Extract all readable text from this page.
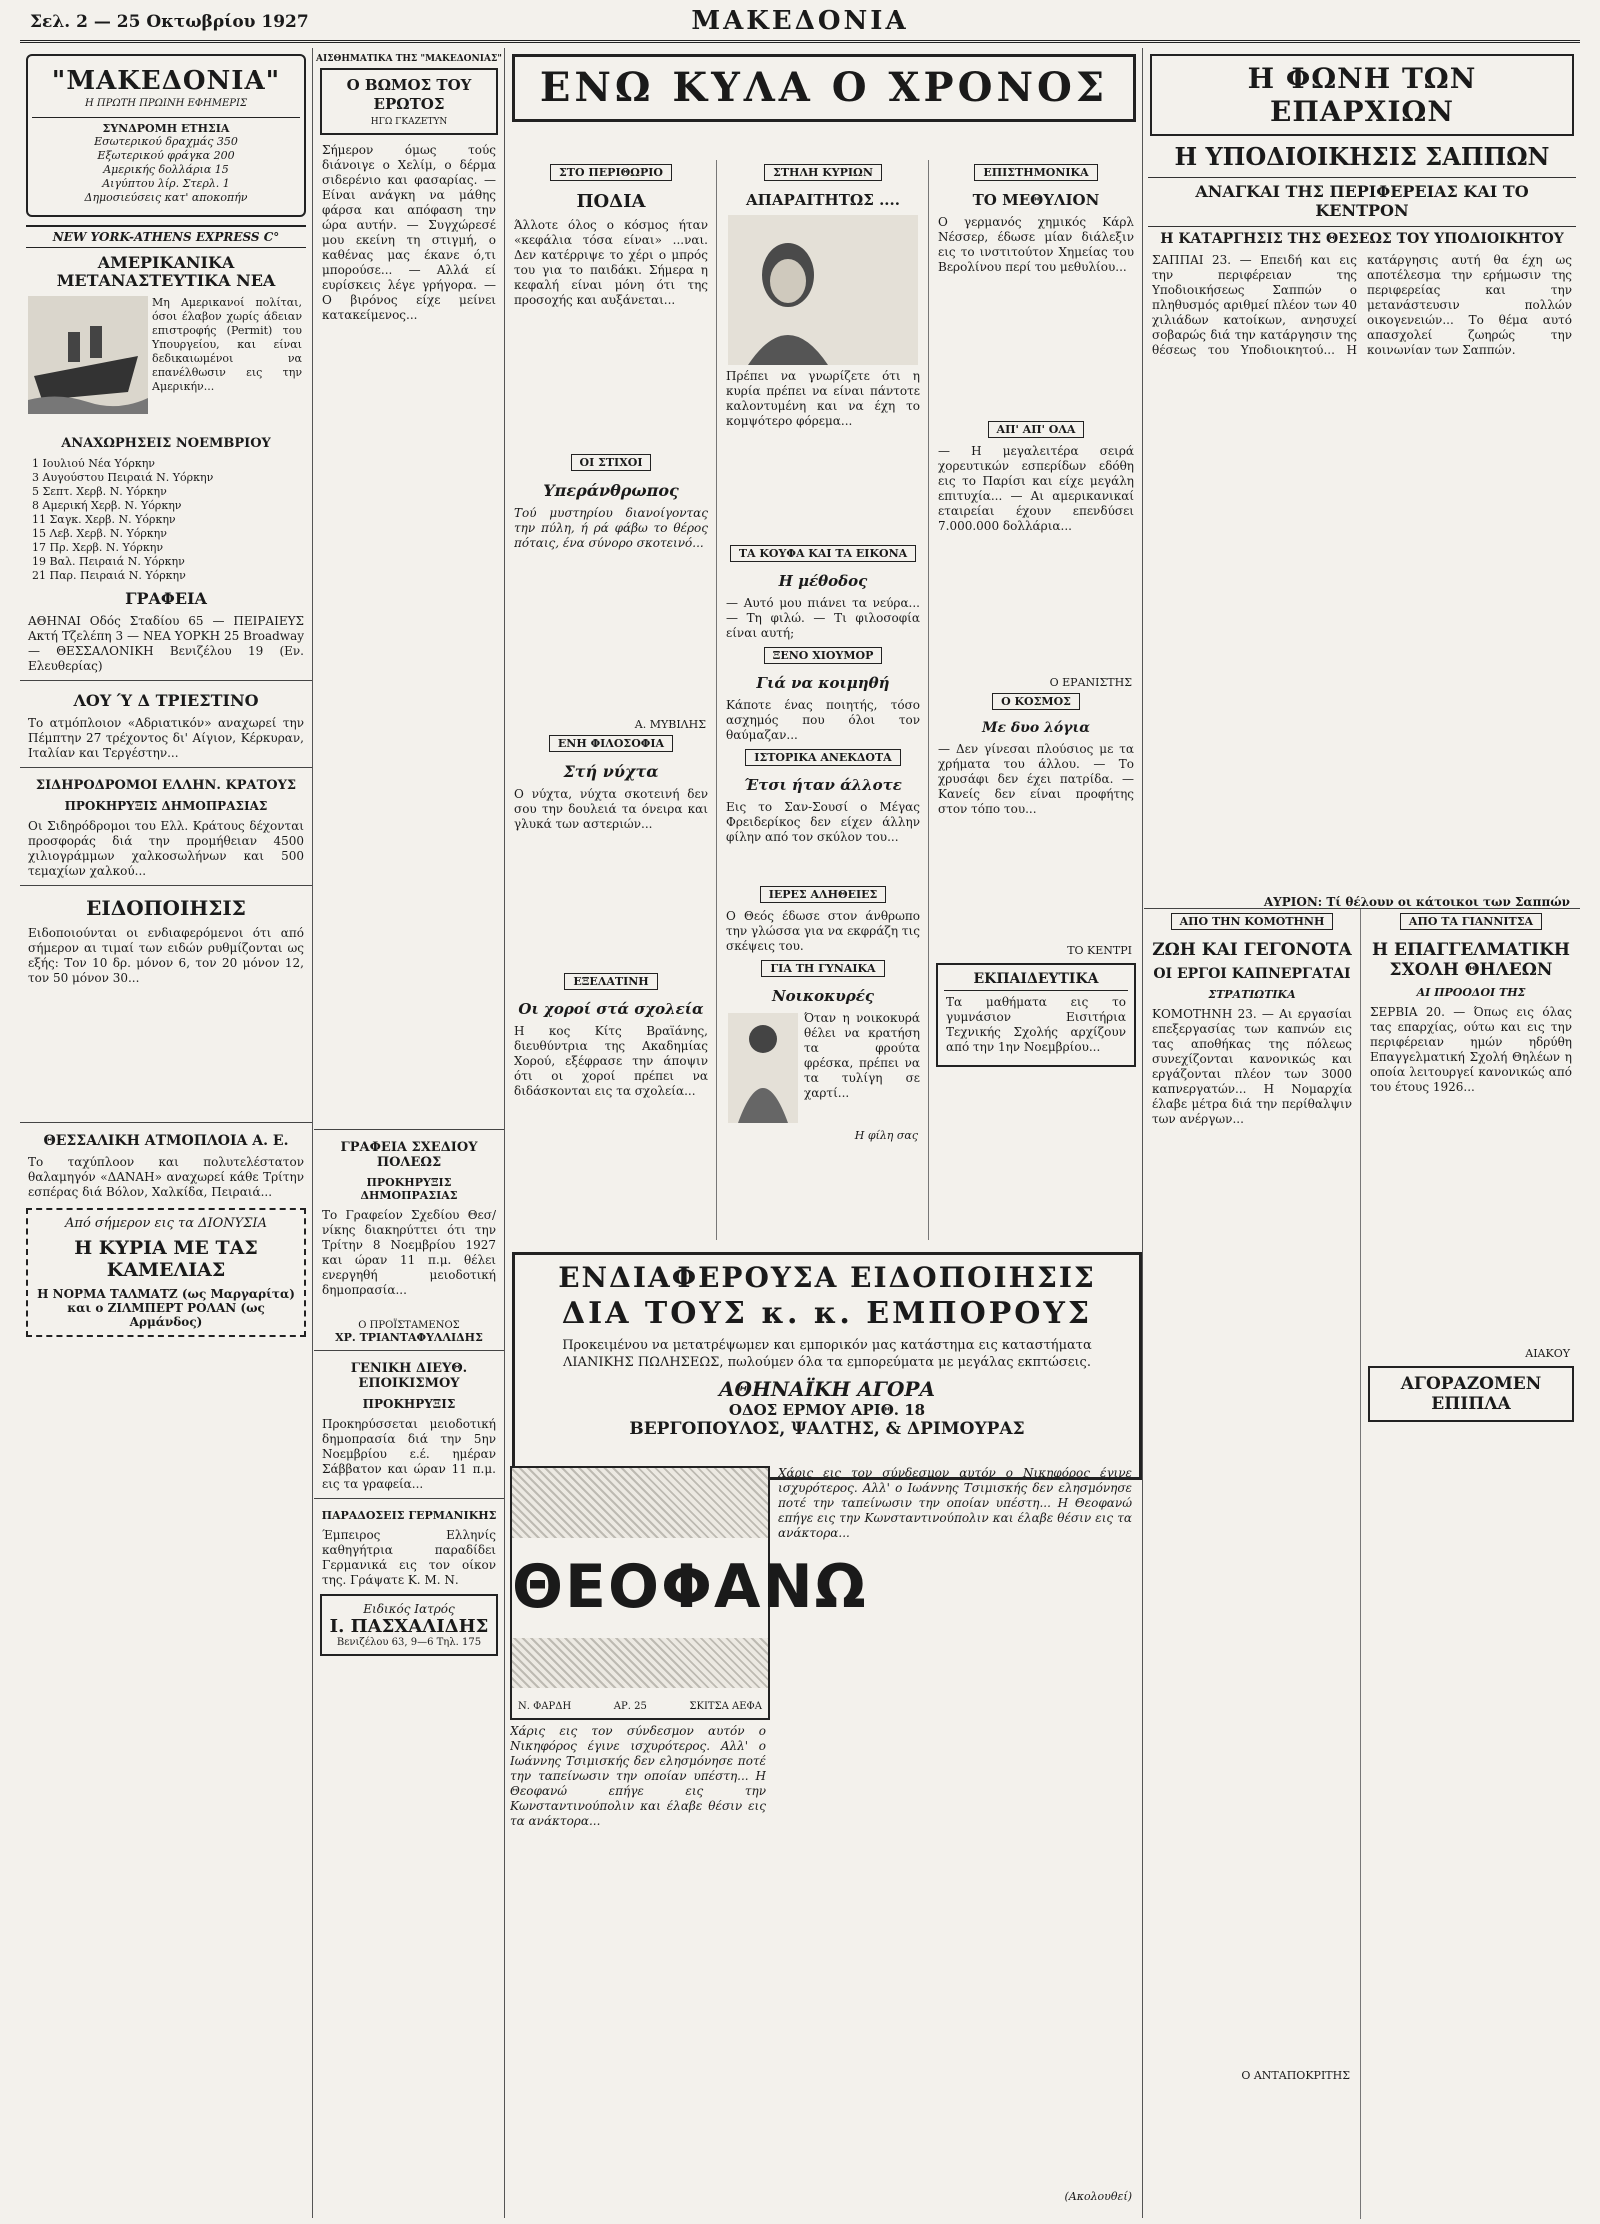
Σελ. 2 — 25 Οκτωβρίου 1927	ΜΑΚΕΔΟΝΙΑ
"ΜΑΚΕΔΟΝΙΑ"
Η ΠΡΩΤΗ ΠΡΩΙΝΗ ΕΦΗΜΕΡΙΣ
ΣΥΝΔΡΟΜΗ ΕΤΗΣΙΑ
Εσωτερικού δραχμάς 350
Εξωτερικού φράγκα 200
Αμερικής δολλάρια 15
Αιγύπτου λίρ. Στερλ. 1
Δημοσιεύσεις κατ' αποκοπήν
NEW YORK-ATHENS EXPRESS C°
ΑΜΕΡΙΚΑΝΙΚΑ ΜΕΤΑΝΑΣΤΕΥΤΙΚΑ ΝΕΑ
Μη Αμερικανοί πολίται, όσοι έλαβον χωρίς άδειαν επιστροφής (Permit) του Υπουργείου, και είναι δεδικαιωμένοι να επανέλθωσιν εις την Αμερικήν...
ΑΝΑΧΩΡΗΣΕΙΣ ΝΟΕΜΒΡΙΟΥ
1 Ιουλιού Νέα Υόρκην
3 Αυγούστου Πειραιά Ν. Υόρκην
5 Σεπτ. Χερβ. Ν. Υόρκην
8 Αμερική Χερβ. Ν. Υόρκην
11 Σαγκ. Χερβ. Ν. Υόρκην
15 Λεβ. Χερβ. Ν. Υόρκην
17 Πρ. Χερβ. Ν. Υόρκην
19 Βαλ. Πειραιά Ν. Υόρκην
21 Παρ. Πειραιά Ν. Υόρκην
ΓΡΑΦΕΙΑ
ΑΘΗΝΑΙ Οδός Σταδίου 65 — ΠΕΙΡΑΙΕΥΣ Ακτή Τζελέπη 3 — ΝΕΑ ΥΟΡΚΗ 25 Broadway — ΘΕΣΣΑΛΟΝΙΚΗ Βενιζέλου 19 (Εν. Ελευθερίας)
ΛΟΥ Ύ Δ ΤΡΙΕΣΤΙΝΟ
Το ατμόπλοιον «Αδριατικόν» αναχωρεί την Πέμπτην 27 τρέχοντος δι' Αίγιον, Κέρκυραν, Ιταλίαν και Τεργέστην...
ΣΙΔΗΡΟΔΡΟΜΟΙ ΕΛΛΗΝ. ΚΡΑΤΟΥΣ
ΠΡΟΚΗΡΥΞΙΣ ΔΗΜΟΠΡΑΣΙΑΣ
Οι Σιδηρόδρομοι του Ελλ. Κράτους δέχονται προσφοράς διά την προμήθειαν 4500 χιλιογράμμων χαλκοσωλήνων και 500 τεμαχίων χαλκού...
ΕΙΔΟΠΟΙΗΣΙΣ
Ειδοποιούνται οι ενδιαφερόμενοι ότι από σήμερον αι τιμαί των ειδών ρυθμίζονται ως εξής: Τον 10 δρ. μόνον 6, τον 20 μόνον 12, τον 50 μόνον 30...
ΘΕΣΣΑΛΙΚΗ ΑΤΜΟΠΛΟΙΑ Α. Ε.
Το ταχύπλοον και πολυτελέστατον θαλαμηγόν «ΔΑΝΑΗ» αναχωρεί κάθε Τρίτην εσπέρας διά Βόλον, Χαλκίδα, Πειραιά...
Από σήμερον εις τα ΔΙΟΝΥΣΙΑ
Η ΚΥΡΙΑ ΜΕ ΤΑΣ ΚΑΜΕΛΙΑΣ
Η ΝΟΡΜΑ ΤΑΛΜΑΤΖ (ως Μαργαρίτα)
και ο ΖΙΛΜΠΕΡΤ ΡΟΛΑΝ (ως Αρμάνδος)
ΑΙΣΘΗΜΑΤΙΚΑ ΤΗΣ "ΜΑΚΕΔΟΝΙΑΣ"
Ο ΒΩΜΟΣ ΤΟΥ ΕΡΩΤΟΣ
ΗΓΩ ΓΚΑΖΕΤΥΝ
Σήμερον όμως τούς διάνοιγε ο Χελίμ, ο δέρμα σιδερένιο και φασαρίας. — Είναι ανάγκη να μάθης φάρσα και απόφαση την ώρα αυτήν. — Συγχώρεσέ μου εκείνη τη στιγμή, ο καθένας μας έκανε ό,τι μπορούσε... — Αλλά εί ευρίσκεις λέγε γρήγορα. — Ο βιρόνος είχε μείνει κατακείμενος...
ΓΡΑΦΕΙΑ ΣΧΕΔΙΟΥ ΠΟΛΕΩΣ
ΠΡΟΚΗΡΥΞΙΣ ΔΗΜΟΠΡΑΣΙΑΣ
Το Γραφείον Σχεδίου Θεσ/νίκης διακηρύττει ότι την Τρίτην 8 Νοεμβρίου 1927 και ώραν 11 π.μ. θέλει ενεργηθή μειοδοτική δημοπρασία...
Ο ΠΡΟΪΣΤΑΜΕΝΟΣ
ΧΡ. ΤΡΙΑΝΤΑΦΥΛΛΙΔΗΣ
ΓΕΝΙΚΗ ΔΙΕΥΘ. ΕΠΟΙΚΙΣΜΟΥ
ΠΡΟΚΗΡΥΞΙΣ
Προκηρύσσεται μειοδοτική δημοπρασία διά την 5ην Νοεμβρίου ε.έ. ημέραν Σάββατον και ώραν 11 π.μ. εις τα γραφεία...
ΠΑΡΑΔΟΣΕΙΣ ΓΕΡΜΑΝΙΚΗΣ
Έμπειρος Ελληνίς καθηγήτρια παραδίδει Γερμανικά εις τον οίκον της. Γράψατε Κ. Μ. Ν.
Ειδικός Ιατρός
Ι. ΠΑΣΧΑΛΙΔΗΣ
Βενιζέλου 63, 9—6 Τηλ. 175
ΕΝΩ ΚΥΛΑ Ο ΧΡΟΝΟΣ
ΣΤΟ ΠΕΡΙΘΩΡΙΟ
ΠΟΔΙΑ
Άλλοτε όλος ο κόσμος ήταν «κεφάλια τόσα είναι» ...ναι. Δεν κατέρριψε το χέρι ο μπρός του για το παιδάκι. Σήμερα η κεφαλή είναι μόνη ότι της προσοχής και αυξάνεται...
ΟΙ ΣΤΙΧΟΙ
Υπεράνθρωπος
Τού μυστηρίου διανοίγοντας την πύλη, ή ρά φάβω το θέρος πόταις, ένα σύνορο σκοτεινό...
Α. ΜΥΒΙΛΗΣ
ΕΝΗ ΦΙΛΟΣΟΦΙΑ
Στή νύχτα
Ο νύχτα, νύχτα σκοτεινή δεν σου την δουλειά τα όνειρα και γλυκά των αστεριών...
ΕΞΕΛΑΤΙΝΗ
Οι χοροί στά σχολεία
Η κος Κίτς Βραϊάνης, διευθύντρια της Ακαδημίας Χορού, εξέφρασε την άποψιν ότι οι χοροί πρέπει να διδάσκονται εις τα σχολεία...
ΣΤΗΛΗ ΚΥΡΙΩΝ
ΑΠΑΡΑΙΤΗΤΩΣ ....
Πρέπει να γνωρίζετε ότι η κυρία πρέπει να είναι πάντοτε καλοντυμένη και να έχη το κομψότερο φόρεμα...
ΤΑ ΚΟΥΦΑ ΚΑΙ ΤΑ ΕΙΚΟΝΑ
Η μέθοδος
— Αυτό μου πιάνει τα νεύρα... — Τη φιλώ. — Τι φιλοσοφία είναι αυτή;
ΞΕΝΟ ΧΙΟΥΜΟΡ
Γιά να κοιμηθή
Κάποτε ένας ποιητής, τόσο ασχημός που όλοι τον θαύμαζαν...
ΙΣΤΟΡΙΚΑ ΑΝΕΚΔΟΤΑ
Έτσι ήταν άλλοτε
Εις το Σαν-Σουσί ο Μέγας Φρειδερίκος δεν είχεν άλλην φίλην από τον σκύλον του...
ΙΕΡΕΣ ΑΛΗΘΕΙΕΣ
Ο Θεός έδωσε στον άνθρωπο την γλώσσα για να εκφράζη τις σκέψεις του.
ΓΙΑ ΤΗ ΓΥΝΑΙΚΑ
Νοικοκυρές
Όταν η νοικοκυρά θέλει να κρατήση τα φρούτα φρέσκα, πρέπει να τα τυλίγη σε χαρτί...
Η φίλη σας
ΕΠΙΣΤΗΜΟΝΙΚΑ
ΤΟ ΜΕΘΥΛΙΟΝ
Ο γερμανός χημικός Κάρλ Νέσσερ, έδωσε μίαν διάλεξιν εις το ινστιτούτον Χημείας του Βερολίνου περί του μεθυλίου...
ΑΠ' ΑΠ' ΟΛΑ
— Η μεγαλειτέρα σειρά χορευτικών εσπερίδων εδόθη εις το Παρίσι και είχε μεγάλη επιτυχία... — Αι αμερικανικαί εταιρείαι έχουν επενδύσει 7.000.000 δολλάρια...
Ο ΕΡΑΝΙΣΤΗΣ
Ο ΚΟΣΜΟΣ
Με δυο λόγια
— Δεν γίνεσαι πλούσιος με τα χρήματα του άλλου. — Το χρυσάφι δεν έχει πατρίδα. — Κανείς δεν είναι προφήτης στον τόπο του...
ΤΟ ΚΕΝΤΡΙ
ΕΚΠΑΙΔΕΥΤΙΚΑ
Τα μαθήματα εις το γυμνάσιον Εισιτήρια Τεχνικής Σχολής αρχίζουν από την 1ην Νοεμβρίου...
ΕΝΔΙΑΦΕΡΟΥΣΑ ΕΙΔΟΠΟΙΗΣΙΣ
ΔΙΑ ΤΟΥΣ κ. κ. ΕΜΠΟΡΟΥΣ
Προκειμένου να μετατρέψωμεν και εμπορικόν μας κατάστημα εις καταστήματα ΛΙΑΝΙΚΗΣ ΠΩΛΗΣΕΩΣ, πωλούμεν όλα τα εμπορεύματα με μεγάλας εκπτώσεις.
ΑΘΗΝΑΪΚΗ ΑΓΟΡΑ
ΟΔΟΣ ΕΡΜΟΥ ΑΡΙΘ. 18
ΒΕΡΓΟΠΟΥΛΟΣ, ΨΑΛΤΗΣ, & ΔΡΙΜΟΥΡΑΣ
ΘΕΟΦΑΝΩ
Ν. ΦΑΡΔΗ	ΑΡ. 25	ΣΚΙΤΣΑ ΑΕΦΑ
Χάρις εις τον σύνδεσμον αυτόν ο Νικηφόρος έγινε ισχυρότερος. Αλλ' ο Ιωάννης Τσιμισκής δεν ελησμόνησε ποτέ την ταπείνωσιν την οποίαν υπέστη... Η Θεοφανώ επήγε εις την Κωνσταντινούπολιν και έλαβε θέσιν εις τα ανάκτορα...
Χάρις εις τον σύνδεσμον αυτόν ο Νικηφόρος έγινε ισχυρότερος. Αλλ' ο Ιωάννης Τσιμισκής δεν ελησμόνησε ποτέ την ταπείνωσιν την οποίαν υπέστη... Η Θεοφανώ επήγε εις την Κωνσταντινούπολιν και έλαβε θέσιν εις τα ανάκτορα...
(Ακολουθεί)
Η ΦΩΝΗ ΤΩΝ ΕΠΑΡΧΙΩΝ
Η ΥΠΟΔΙΟΙΚΗΣΙΣ ΣΑΠΠΩΝ
ΑΝΑΓΚΑΙ ΤΗΣ ΠΕΡΙΦΕΡΕΙΑΣ ΚΑΙ ΤΟ ΚΕΝΤΡΟΝ
Η ΚΑΤΑΡΓΗΣΙΣ ΤΗΣ ΘΕΣΕΩΣ ΤΟΥ ΥΠΟΔΙΟΙΚΗΤΟΥ
ΣΑΠΠΑΙ 23. — Επειδή και εις την περιφέρειαν της Υποδιοικήσεως Σαππών ο πληθυσμός αριθμεί πλέον των 40 χιλιάδων κατοίκων, ανησυχεί σοβαρώς διά την κατάργησιν της θέσεως του Υποδιοικητού... Η κατάργησις αυτή θα έχη ως αποτέλεσμα την ερήμωσιν της περιφερείας και την μετανάστευσιν πολλών οικογενειών... Το θέμα αυτό απασχολεί ζωηρώς την κοινωνίαν των Σαππών.
ΑΥΡΙΟΝ: Τί θέλουν οι κάτοικοι των Σαππών
ΑΠΟ ΤΗΝ ΚΟΜΟΤΗΝΗ
ΖΩΗ ΚΑΙ ΓΕΓΟΝΟΤΑ
ΟΙ ΕΡΓΟΙ ΚΑΠΝΕΡΓΑΤΑΙ
ΣΤΡΑΤΙΩΤΙΚΑ
ΚΟΜΟΤΗΝΗ 23. — Αι εργασίαι επεξεργασίας των καπνών εις τας αποθήκας της πόλεως συνεχίζονται κανονικώς και εργάζονται πλέον των 3000 καπνεργατών... Η Νομαρχία έλαβε μέτρα διά την περίθαλψιν των ανέργων...
Ο ΑΝΤΑΠΟΚΡΙΤΗΣ
ΑΠΟ ΤΑ ΓΙΑΝΝΙΤΣΑ
Η ΕΠΑΓΓΕΛΜΑΤΙΚΗ ΣΧΟΛΗ ΘΗΛΕΩΝ
ΑΙ ΠΡΟΟΔΟΙ ΤΗΣ
ΣΕΡΒΙΑ 20. — Όπως εις όλας τας επαρχίας, ούτω και εις την περιφέρειαν ημών ηδρύθη Επαγγελματική Σχολή Θηλέων η οποία λειτουργεί κανονικώς από του έτους 1926...
ΑΙΑΚΟΥ
ΑΓΟΡΑΖΟΜΕΝ ΕΠΙΠΛΑ
